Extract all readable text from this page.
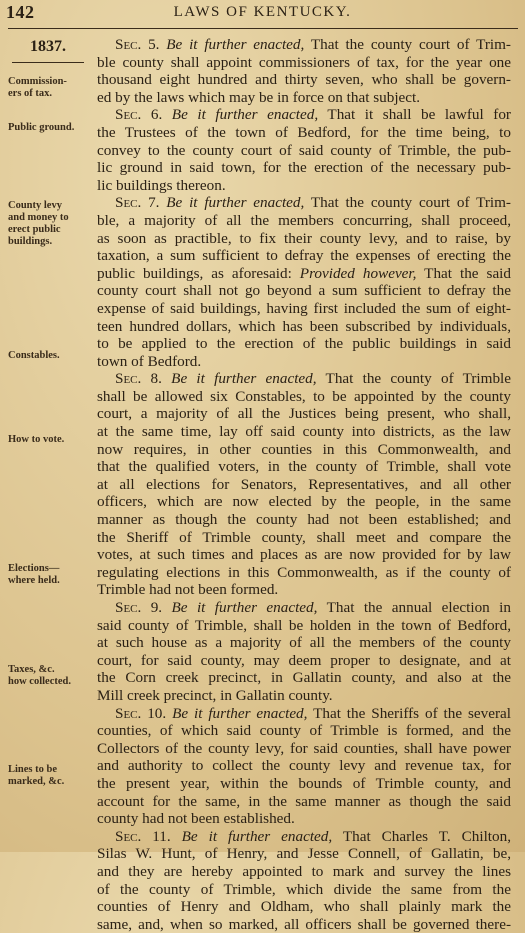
142	LAWS OF KENTUCKY.
1837.
Commission-
ers of tax.
Public ground.
County levy
and money to
erect public
buildings.
Constables.
How to vote.
Elections—
where held.
Taxes, &c.
how collected.
Lines to be
marked, &c.
Sec. 5. Be it further enacted, That the county court of Trim-
ble county shall appoint commissioners of tax, for the year one
thousand eight hundred and thirty seven, who shall be govern-
ed by the laws which may be in force on that subject.
Sec. 6. Be it further enacted, That it shall be lawful for
the Trustees of the town of Bedford, for the time being, to
convey to the county court of said county of Trimble, the pub-
lic ground in said town, for the erection of the necessary pub-
lic buildings thereon.
Sec. 7. Be it further enacted, That the county court of Trim-
ble, a majority of all the members concurring, shall proceed,
as soon as practible, to fix their county levy, and to raise, by
taxation, a sum sufficient to defray the expenses of erecting the
public buildings, as aforesaid: Provided however, That the said
county court shall not go beyond a sum sufficient to defray the
expense of said buildings, having first included the sum of eight-
teen hundred dollars, which has been subscribed by individuals,
to be applied to the erection of the public buildings in said
town of Bedford.
Sec. 8. Be it further enacted, That the county of Trimble
shall be allowed six Constables, to be appointed by the county
court, a majority of all the Justices being present, who shall,
at the same time, lay off said county into districts, as the law
now requires, in other counties in this Commonwealth, and
that the qualified voters, in the county of Trimble, shall vote
at all elections for Senators, Representatives, and all other
officers, which are now elected by the people, in the same
manner as though the county had not been established; and
the Sheriff of Trimble county, shall meet and compare the
votes, at such times and places as are now provided for by law
regulating elections in this Commonwealth, as if the county of
Trimble had not been formed.
Sec. 9. Be it further enacted, That the annual election in
said county of Trimble, shall be holden in the town of Bedford,
at such house as a majority of all the members of the county
court, for said county, may deem proper to designate, and at
the Corn creek precinct, in Gallatin county, and also at the
Mill creek precinct, in Gallatin county.
Sec. 10. Be it further enacted, That the Sheriffs of the several
counties, of which said county of Trimble is formed, and the
Collectors of the county levy, for said counties, shall have power
and authority to collect the county levy and revenue tax, for
the present year, within the bounds of Trimble county, and
account for the same, in the same manner as though the said
county had not been established.
Sec. 11. Be it further enacted, That Charles T. Chilton,
Silas W. Hunt, of Henry, and Jesse Connell, of Gallatin, be,
and they are hereby appointed to mark and survey the lines
of the county of Trimble, which divide the same from the
counties of Henry and Oldham, who shall plainly mark the
same, and, when so marked, all officers shall be governed there-
